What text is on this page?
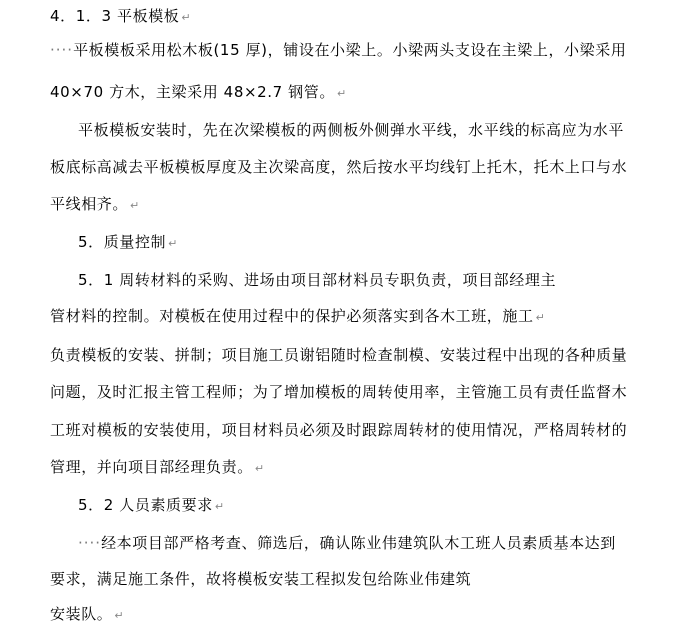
4．1．3 平板模板 ↵
····平板模板采用松木板(15 厚)，铺设在小梁上。小梁两头支设在主梁上，小梁采用
40×70 方木，主梁采用 48×2.7 钢管。 ↵
平板模板安装时，先在次梁模板的两侧板外侧弹水平线，水平线的标高应为水平
板底标高减去平板模板厚度及主次梁高度，然后按水平均线钉上托木，托木上口与水
平线相齐。 ↵
5．质量控制 ↵
5．1 周转材料的采购、进场由项目部材料员专职负责，项目部经理主
管材料的控制。对模板在使用过程中的保护必须落实到各木工班，施工 ↵
负责模板的安装、拼制；项目施工员谢铝随时检查制模、安装过程中出现的各种质量
问题，及时汇报主管工程师；为了增加模板的周转使用率，主管施工员有责任监督木
工班对模板的安装使用，项目材料员必须及时跟踪周转材的使用情况，严格周转材的
管理，并向项目部经理负责。 ↵
5．2 人员素质要求 ↵
····经本项目部严格考查、筛选后，确认陈业伟建筑队木工班人员素质基本达到
要求，满足施工条件，故将模板安装工程拟发包给陈业伟建筑
安装队。 ↵
